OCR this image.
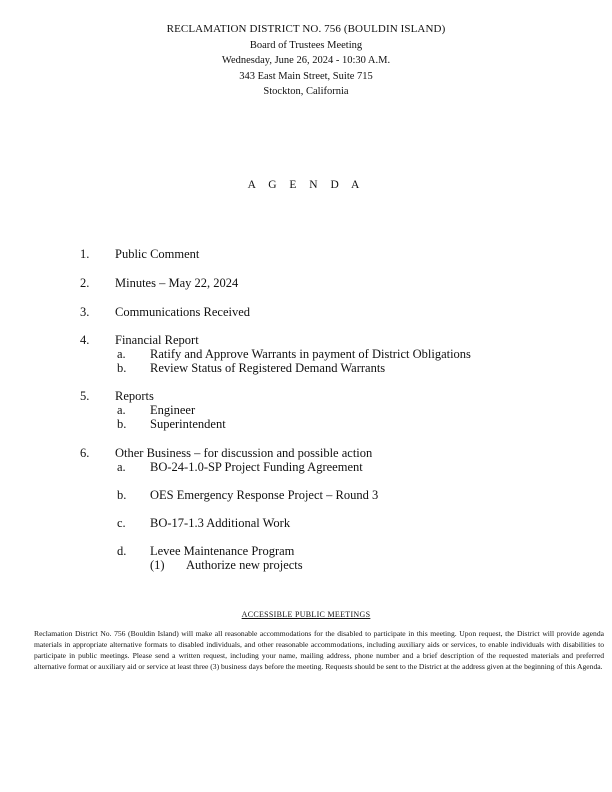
RECLAMATION DISTRICT NO. 756 (BOULDIN ISLAND)
Board of Trustees Meeting
Wednesday, June 26, 2024 - 10:30 A.M.
343 East Main Street, Suite 715
Stockton, California
A G E N D A
1. Public Comment
2. Minutes – May 22, 2024
3. Communications Received
4. Financial Report
a. Ratify and Approve Warrants in payment of District Obligations
b. Review Status of Registered Demand Warrants
5. Reports
a. Engineer
b. Superintendent
6. Other Business – for discussion and possible action
a. BO-24-1.0-SP Project Funding Agreement
b. OES Emergency Response Project – Round 3
c. BO-17-1.3 Additional Work
d. Levee Maintenance Program
(1) Authorize new projects
ACCESSIBLE PUBLIC MEETINGS
Reclamation District No. 756 (Bouldin Island) will make all reasonable accommodations for the disabled to participate in this meeting. Upon request, the District will provide agenda materials in appropriate alternative formats to disabled individuals, and other reasonable accommodations, including auxiliary aids or services, to enable individuals with disabilities to participate in public meetings. Please send a written request, including your name, mailing address, phone number and a brief description of the requested materials and preferred alternative format or auxiliary aid or service at least three (3) business days before the meeting. Requests should be sent to the District at the address given at the beginning of this Agenda.
